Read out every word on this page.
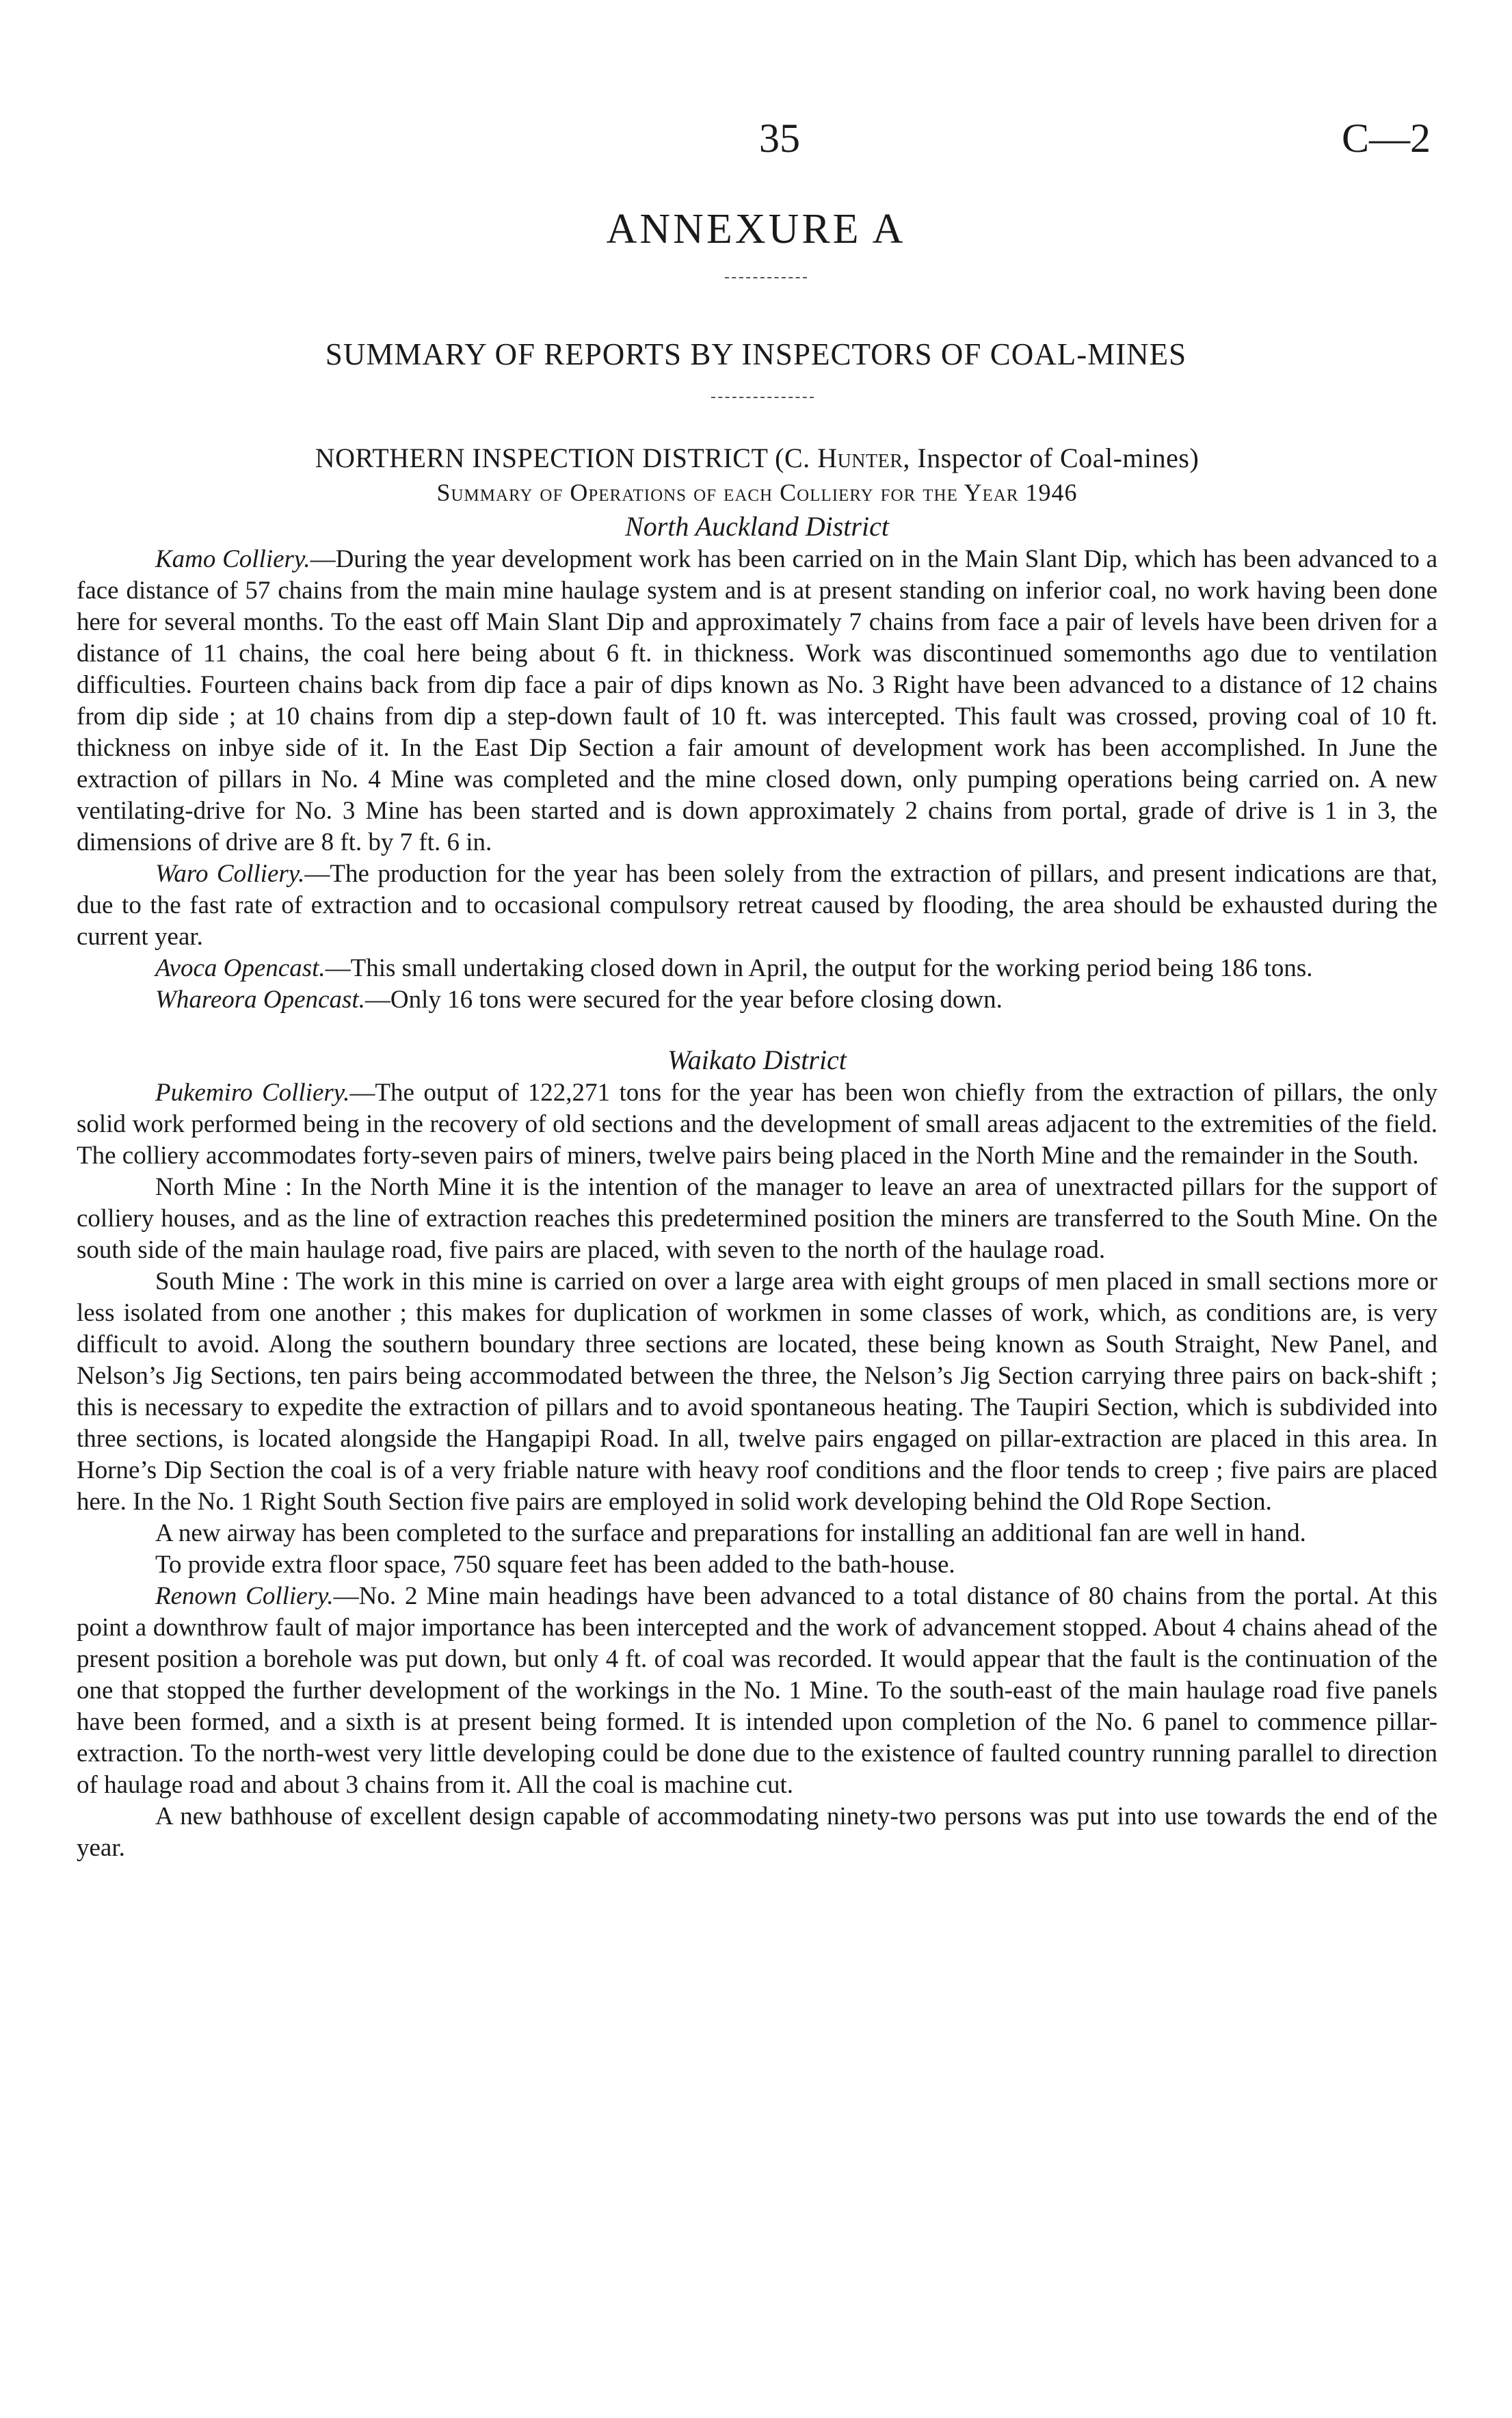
35	C—2
ANNEXURE A
SUMMARY OF REPORTS BY INSPECTORS OF COAL-MINES
NORTHERN INSPECTION DISTRICT (C. Hunter, Inspector of Coal-mines)
Summary of Operations of each Colliery for the Year 1946
North Auckland District

Kamo Colliery.—During the year development work has been carried on in the Main Slant Dip, which has been advanced to a face distance of 57 chains from the main mine haulage system and is at present standing on inferior coal, no work having been done here for several months. To the east off Main Slant Dip and approximately 7 chains from face a pair of levels have been driven for a distance of 11 chains, the coal here being about 6 ft. in thickness. Work was discontinued somemonths ago due to ventilation difficulties. Fourteen chains back from dip face a pair of dips known as No. 3 Right have been advanced to a distance of 12 chains from dip side ; at 10 chains from dip a step-down fault of 10 ft. was intercepted. This fault was crossed, proving coal of 10 ft. thickness on inbye side of it. In the East Dip Section a fair amount of development work has been accomplished. In June the extraction of pillars in No. 4 Mine was completed and the mine closed down, only pumping operations being carried on. A new ventilating-drive for No. 3 Mine has been started and is down approximately 2 chains from portal, grade of drive is 1 in 3, the dimensions of drive are 8 ft. by 7 ft. 6 in.

Waro Colliery.—The production for the year has been solely from the extraction of pillars, and present indications are that, due to the fast rate of extraction and to occasional compulsory retreat caused by flooding, the area should be exhausted during the current year.

Avoca Opencast.—This small undertaking closed down in April, the output for the working period being 186 tons.

Whareora Opencast.—Only 16 tons were secured for the year before closing down.

Waikato District

Pukemiro Colliery.—The output of 122,271 tons for the year has been won chiefly from the extraction of pillars, the only solid work performed being in the recovery of old sections and the development of small areas adjacent to the extremities of the field. The colliery accommodates forty-seven pairs of miners, twelve pairs being placed in the North Mine and the remainder in the South.

North Mine : In the North Mine it is the intention of the manager to leave an area of unextracted pillars for the support of colliery houses, and as the line of extraction reaches this predetermined position the miners are transferred to the South Mine. On the south side of the main haulage road, five pairs are placed, with seven to the north of the haulage road.

South Mine : The work in this mine is carried on over a large area with eight groups of men placed in small sections more or less isolated from one another ; this makes for duplication of workmen in some classes of work, which, as conditions are, is very difficult to avoid. Along the southern boundary three sections are located, these being known as South Straight, New Panel, and Nelson’s Jig Sections, ten pairs being accommodated between the three, the Nelson’s Jig Section carrying three pairs on back-shift ; this is necessary to expedite the extraction of pillars and to avoid spontaneous heating. The Taupiri Section, which is subdivided into three sections, is located alongside the Hangapipi Road. In all, twelve pairs engaged on pillar-extraction are placed in this area. In Horne’s Dip Section the coal is of a very friable nature with heavy roof conditions and the floor tends to creep ; five pairs are placed here. In the No. 1 Right South Section five pairs are employed in solid work developing behind the Old Rope Section.

A new airway has been completed to the surface and preparations for installing an additional fan are well in hand.

To provide extra floor space, 750 square feet has been added to the bath-house.

Renown Colliery.—No. 2 Mine main headings have been advanced to a total distance of 80 chains from the portal. At this point a downthrow fault of major importance has been intercepted and the work of advancement stopped. About 4 chains ahead of the present position a borehole was put down, but only 4 ft. of coal was recorded. It would appear that the fault is the continuation of the one that stopped the further development of the workings in the No. 1 Mine. To the south-east of the main haulage road five panels have been formed, and a sixth is at present being formed. It is intended upon completion of the No. 6 panel to commence pillar-extraction. To the north-west very little developing could be done due to the existence of faulted country running parallel to direction of haulage road and about 3 chains from it. All the coal is machine cut.

A new bathhouse of excellent design capable of accommodating ninety-two persons was put into use towards the end of the year.
